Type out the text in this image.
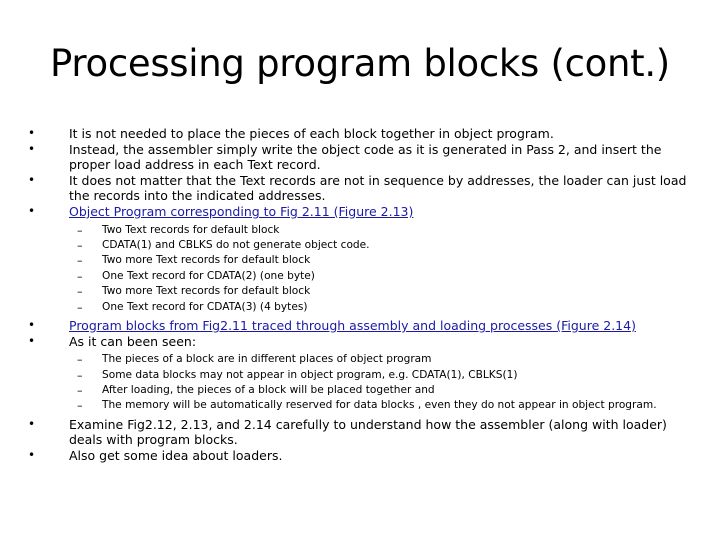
Processing program blocks (cont.)

•	It is not needed to place the pieces of each block together in object program.

•	Instead, the assembler simply write the object code as it is generated in Pass 2, and insert the proper load address in each Text record.

•	It does not matter that the Text records are not in sequence by addresses, the loader can just load the records into the indicated addresses.

•	Object Program corresponding to Fig 2.11 (Figure 2.13)

–	Two Text records for default block

–	CDATA(1) and CBLKS do not generate object code.

–	Two more Text records for default block

–	One Text record for CDATA(2) (one byte)

–	Two more Text records for default block

–	One Text record for CDATA(3) (4 bytes)

•	Program blocks from Fig2.11 traced through assembly and loading processes (Figure 2.14)

•	As it can been seen:

–	The pieces of a block are in different places of object program

–	Some data blocks may not appear in object program, e.g. CDATA(1), CBLKS(1)

–	After loading, the pieces of a block will be placed together and

–	The memory will be automatically reserved for data blocks , even they do not appear in object program.

•	Examine Fig2.12, 2.13, and 2.14 carefully to understand how the assembler (along with loader) deals with program blocks.

•	Also get some idea about loaders.
